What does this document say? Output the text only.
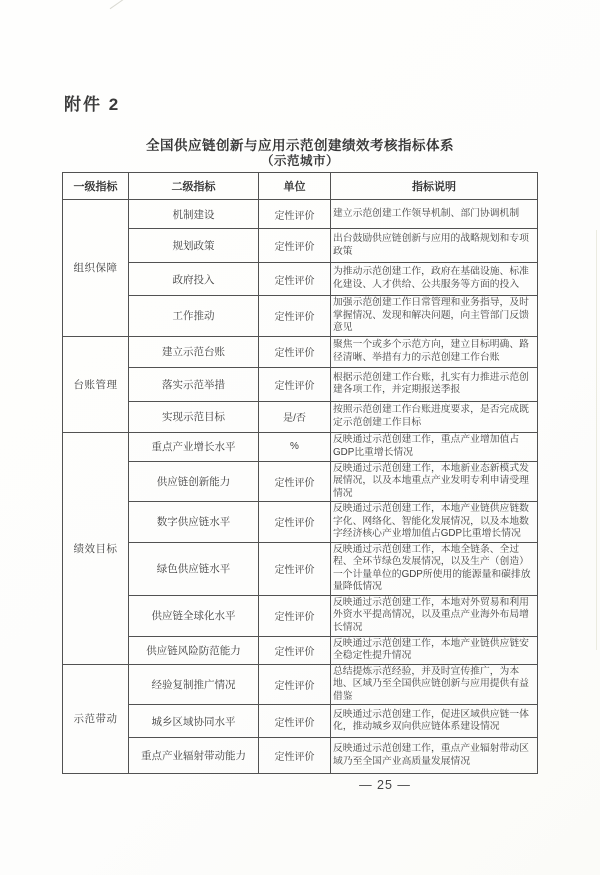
附件 2
全国供应链创新与应用示范创建绩效考核指标体系
（示范城市）
一级指标	二级指标	单位	指标说明
组织保障	机制建设	定性评价	建立示范创建工作领导机制、部门协调机制
	规划政策	定性评价	出台鼓励供应链创新与应用的战略规划和专项政策
	政府投入	定性评价	为推动示范创建工作，政府在基础设施、标准化建设、人才供给、公共服务等方面的投入
	工作推动	定性评价	加强示范创建工作日常管理和业务指导，及时掌握情况、发现和解决问题，向主管部门反馈意见
台账管理	建立示范台账	定性评价	聚焦一个或多个示范方向，建立目标明确、路径清晰、举措有力的示范创建工作台账
	落实示范举措	定性评价	根据示范创建工作台账，扎实有力推进示范创建各项工作，并定期报送季报
	实现示范目标	是/否	按照示范创建工作台账进度要求，是否完成既定示范创建工作目标
绩效目标	重点产业增长水平	%	反映通过示范创建工作，重点产业增加值占GDP比重增长情况
	供应链创新能力	定性评价	反映通过示范创建工作，本地新业态新模式发展情况，以及本地重点产业发明专利申请受理情况
	数字供应链水平	定性评价	反映通过示范创建工作，本地产业链供应链数字化、网络化、智能化发展情况，以及本地数字经济核心产业增加值占GDP比重增长情况
	绿色供应链水平	定性评价	反映通过示范创建工作，本地全链条、全过程、全环节绿色发展情况，以及生产（创造）一个计量单位的GDP所使用的能源量和碳排放量降低情况
	供应链全球化水平	定性评价	反映通过示范创建工作，本地对外贸易和利用外资水平提高情况，以及重点产业海外布局增长情况
	供应链风险防范能力	定性评价	反映通过示范创建工作，本地产业链供应链安全稳定性提升情况
示范带动	经验复制推广情况	定性评价	总结提炼示范经验，并及时宣传推广，为本地、区域乃至全国供应链创新与应用提供有益借鉴
	城乡区域协同水平	定性评价	反映通过示范创建工作，促进区域供应链一体化，推动城乡双向供应链体系建设情况
	重点产业辐射带动能力	定性评价	反映通过示范创建工作，重点产业辐射带动区域乃至全国产业高质量发展情况
— 25 —
